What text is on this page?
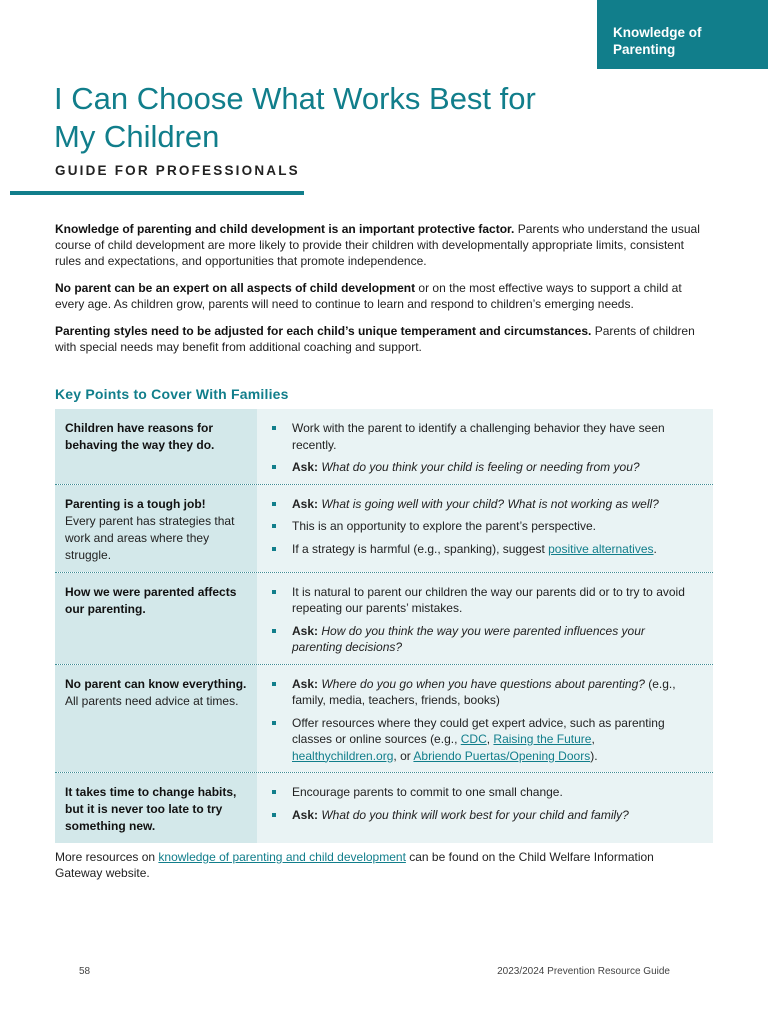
Knowledge of
Parenting
I Can Choose What Works Best for
My Children
GUIDE FOR PROFESSIONALS

Knowledge of parenting and child development is an important protective factor. Parents who understand the usual course of child development are more likely to provide their children with developmentally appropriate limits, consistent rules and expectations, and opportunities that promote independence.

No parent can be an expert on all aspects of child development or on the most effective ways to support a child at every age. As children grow, parents will need to continue to learn and respond to children’s emerging needs.

Parenting styles need to be adjusted for each child’s unique temperament and circumstances. Parents of children with special needs may benefit from additional coaching and support.

Key Points to Cover With Families
Children have reasons for behaving the way they do.
Work with the parent to identify a challenging behavior they have seen recently.
Ask: What do you think your child is feeling or needing from you?
Parenting is a tough job!
Every parent has strategies that work and areas where they struggle.
Ask: What is going well with your child? What is not working as well?
This is an opportunity to explore the parent’s perspective.
If a strategy is harmful (e.g., spanking), suggest positive alternatives.
How we were parented affects our parenting.
It is natural to parent our children the way our parents did or to try to avoid repeating our parents’ mistakes.
Ask: How do you think the way you were parented influences your parenting decisions?
No parent can know everything. All parents need advice at times.
Ask: Where do you go when you have questions about parenting? (e.g., family, media, teachers, friends, books)
Offer resources where they could get expert advice, such as parenting classes or online sources (e.g., CDC, Raising the Future, healthychildren.org, or Abriendo Puertas/Opening Doors).
It takes time to change habits, but it is never too late to try something new.
Encourage parents to commit to one small change.
Ask: What do you think will work best for your child and family?
More resources on knowledge of parenting and child development can be found on the Child Welfare Information Gateway website.
58	2023/2024 Prevention Resource Guide
